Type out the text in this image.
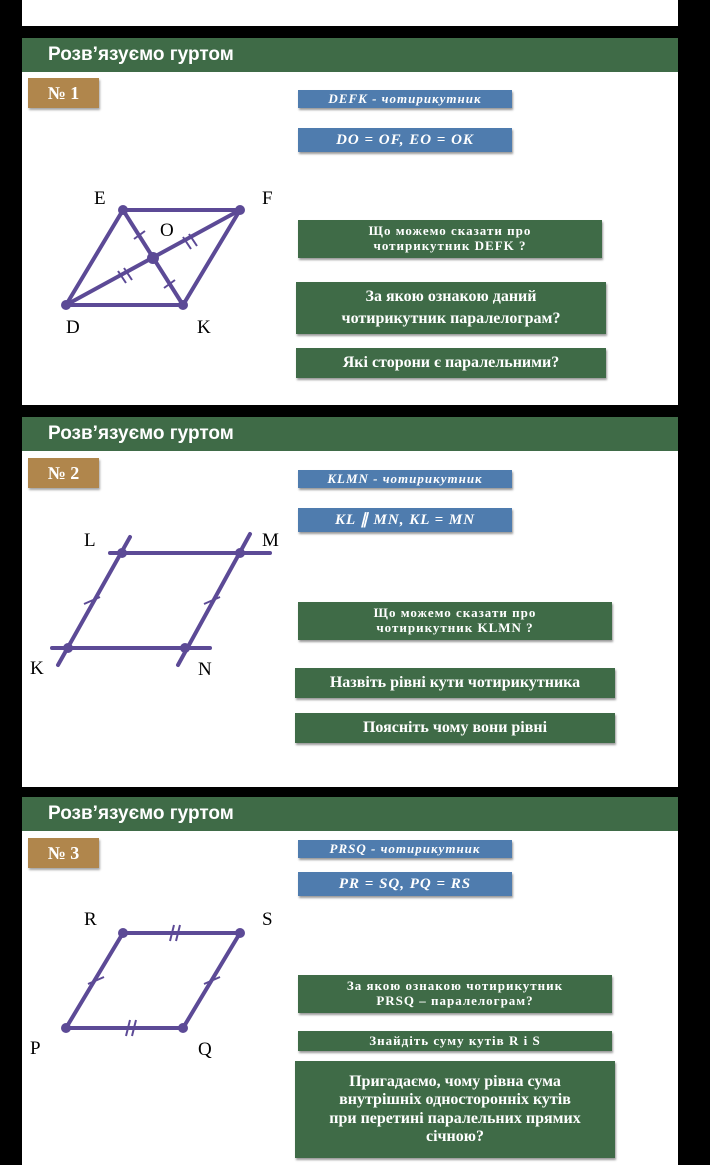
Розв’язуємо гуртом
№ 1
E	F
D	K
O
DEFK - чотирикутник
DO = OF, EO = OK
Що можемо сказати про
чотирикутник DEFK ?
За якою ознакою даний
чотирикутник паралелограм?
Які сторони є паралельними?
Розв’язуємо гуртом
№ 2
L	M
K	N
KLMN - чотирикутник
KL ∥ MN, KL = MN
Що можемо сказати про
чотирикутник KLMN ?
Назвіть рівні кути чотирикутника
Поясніть чому вони рівні
Розв’язуємо гуртом
№ 3
R	S
P	Q
PRSQ - чотирикутник
PR = SQ, PQ = RS
За якою ознакою чотирикутник
PRSQ – паралелограм?
Знайдіть суму кутів R і S
Пригадаємо, чому рівна сума
внутрішніх односторонніх кутів
при перетині паралельних прямих
січною?
